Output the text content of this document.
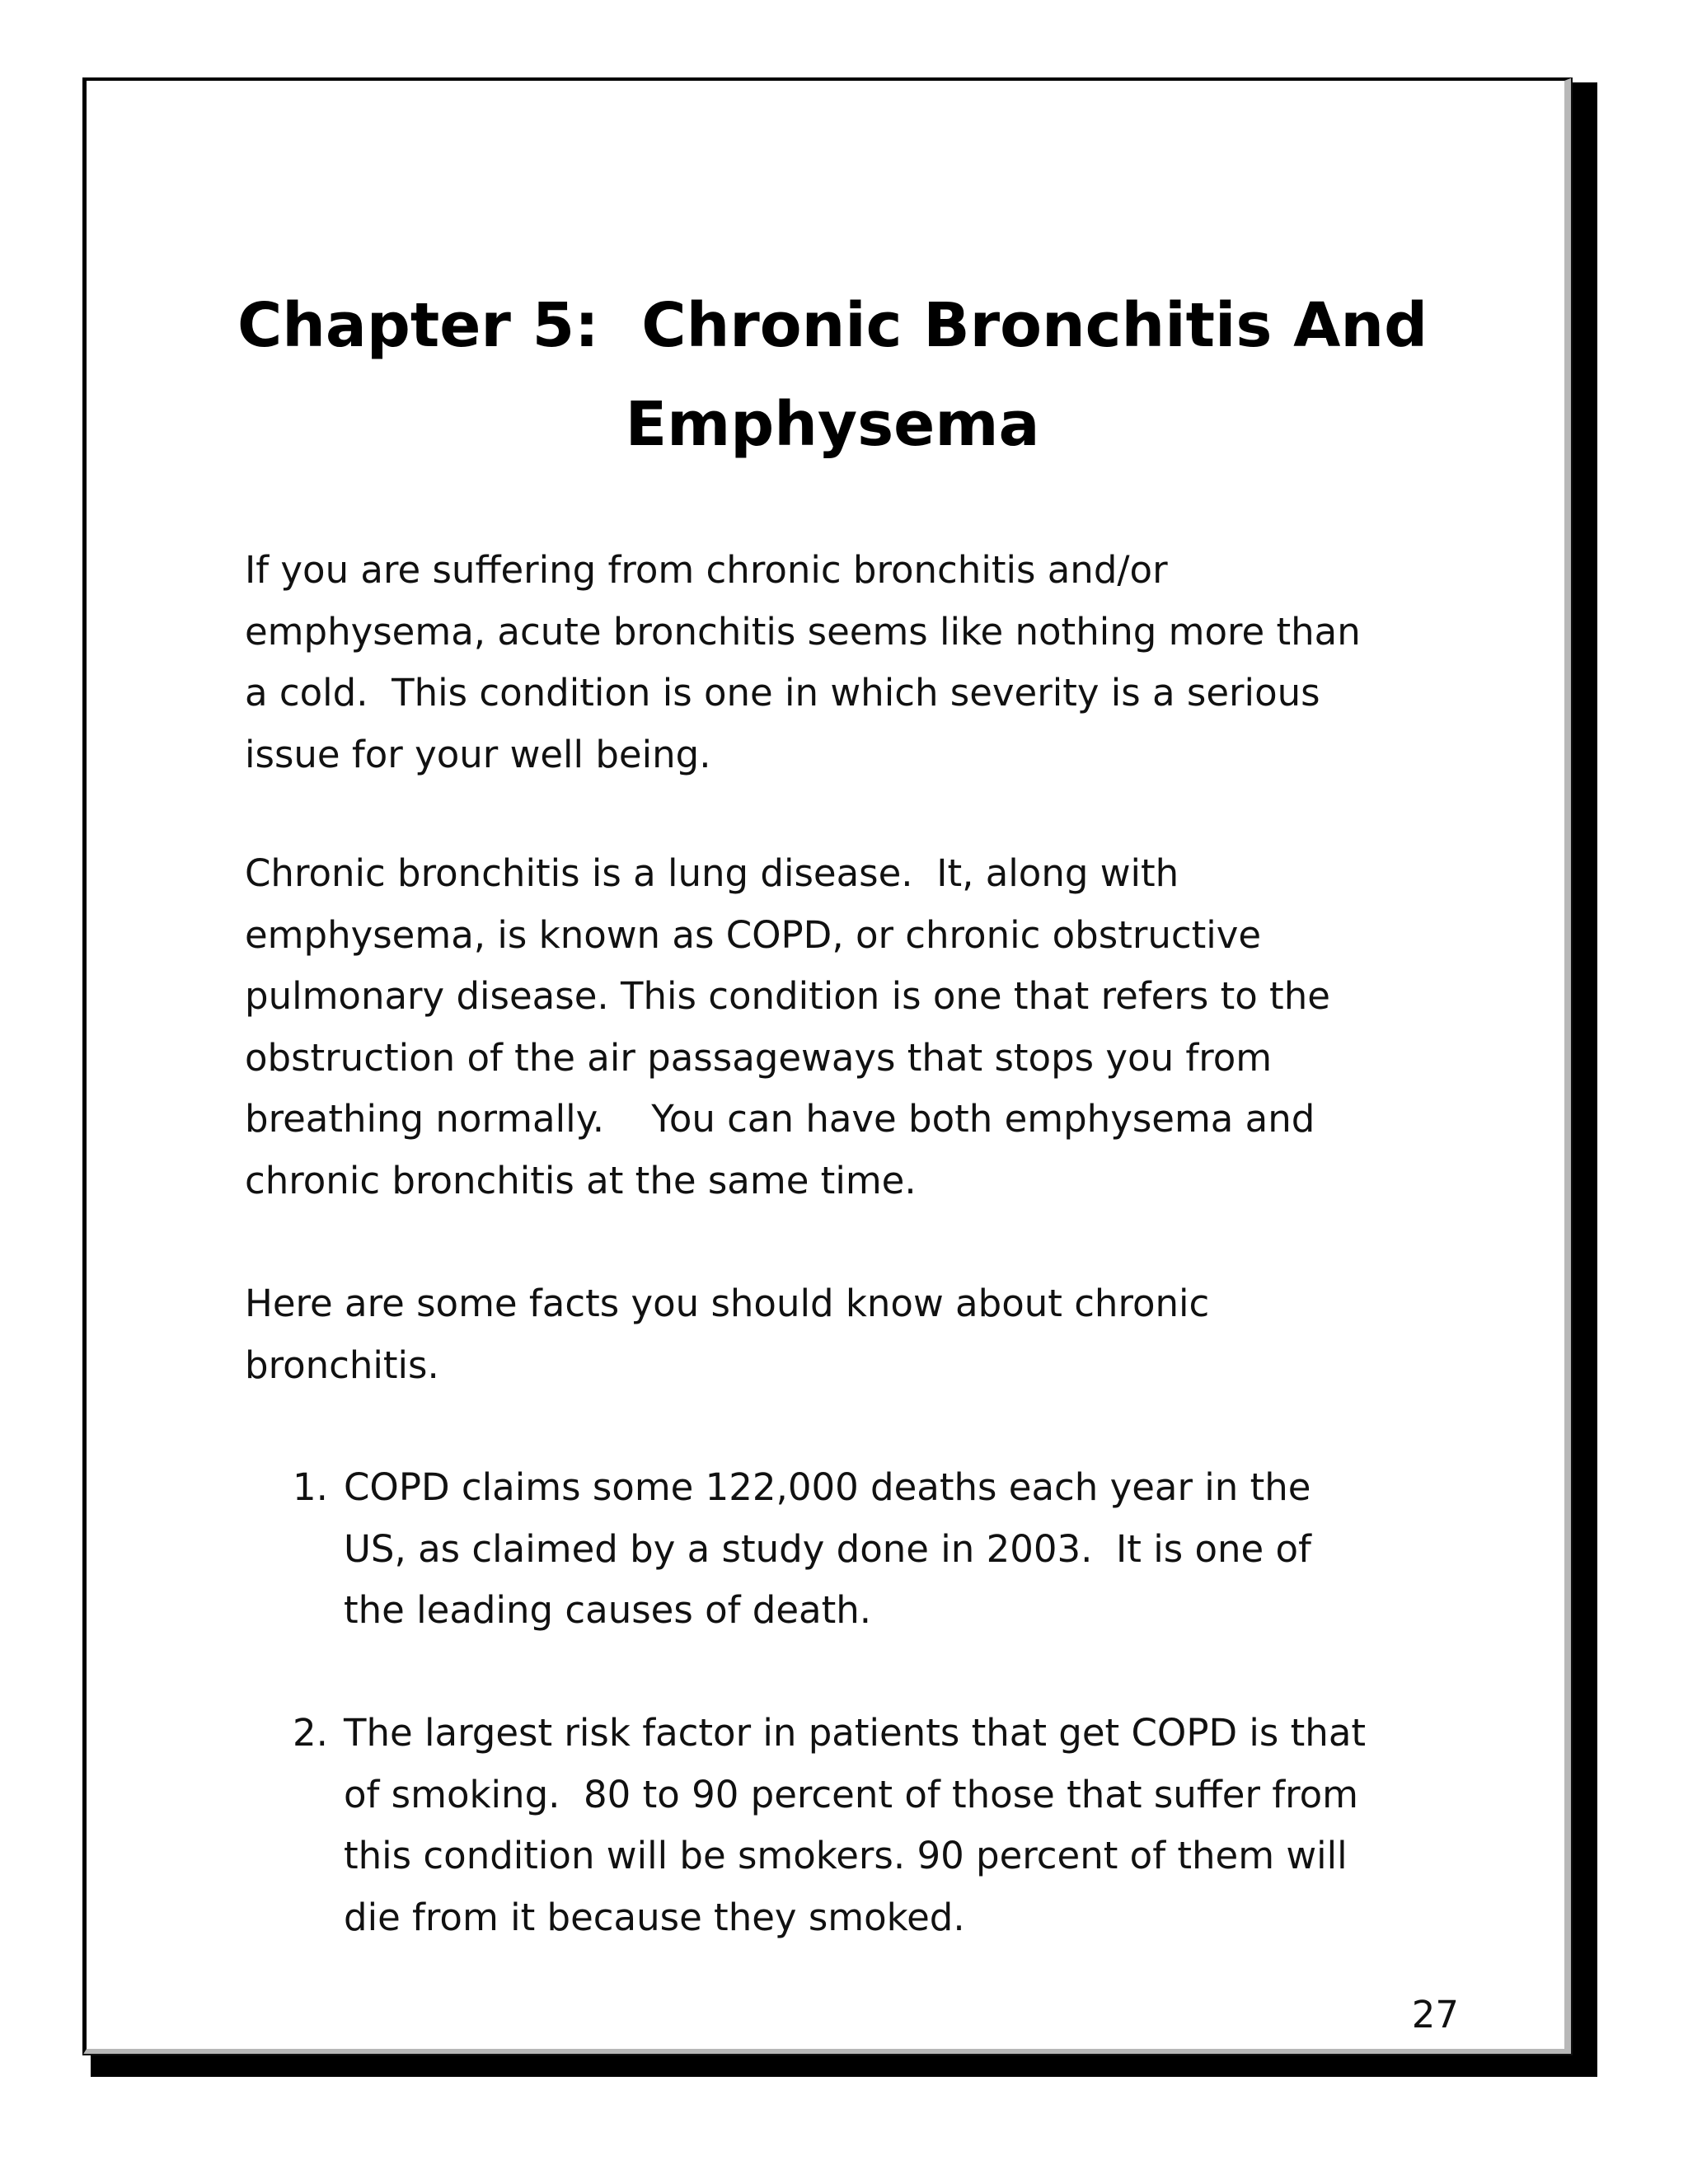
Chapter 5:  Chronic Bronchitis And
Emphysema

If you are suffering from chronic bronchitis and/or
emphysema, acute bronchitis seems like nothing more than
a cold.  This condition is one in which severity is a serious
issue for your well being.

Chronic bronchitis is a lung disease.  It, along with
emphysema, is known as COPD, or chronic obstructive
pulmonary disease. This condition is one that refers to the
obstruction of the air passageways that stops you from
breathing normally.    You can have both emphysema and
chronic bronchitis at the same time.

Here are some facts you should know about chronic
bronchitis.

1. COPD claims some 122,000 deaths each year in the
US, as claimed by a study done in 2003.  It is one of
the leading causes of death.
2. The largest risk factor in patients that get COPD is that
of smoking.  80 to 90 percent of those that suffer from
this condition will be smokers. 90 percent of them will
die from it because they smoked.

27
